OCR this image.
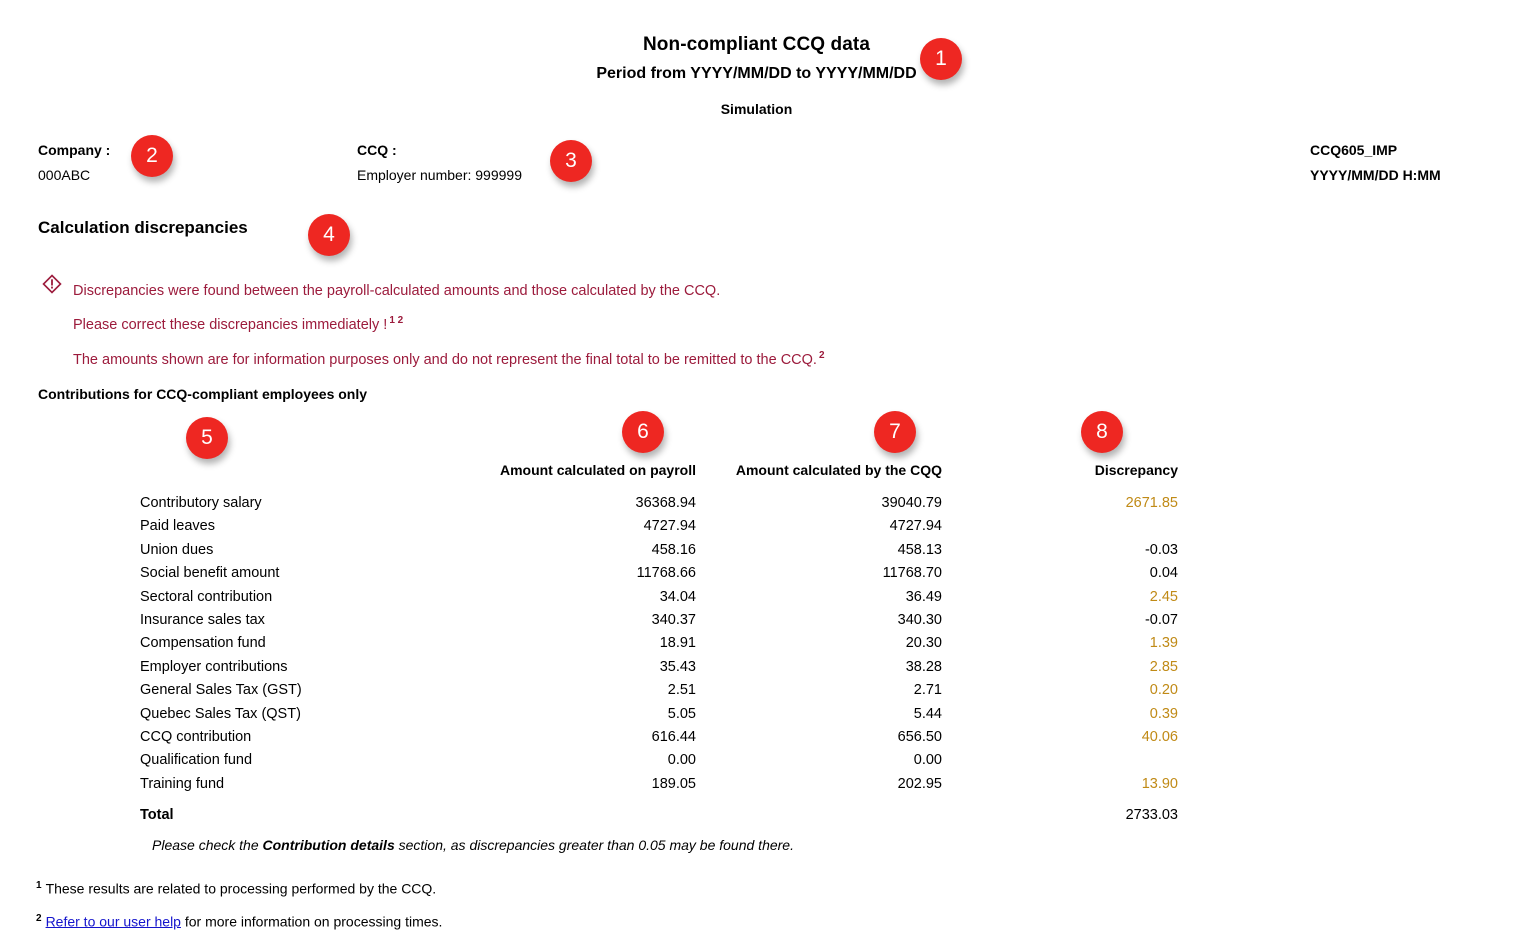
Non-compliant CCQ data
Period from YYYY/MM/DD to YYYY/MM/DD
Simulation
Company :
000ABC
CCQ :
Employer number: 999999
CCQ605_IMP
YYYY/MM/DD H:MM
Calculation discrepancies
Discrepancies were found between the payroll-calculated amounts and those calculated by the CCQ.
Please correct these discrepancies immediately ! $^{1 2}$
The amounts shown are for information purposes only and do not represent the final total to be remitted to the CCQ. $^2$
Contributions for CCQ-compliant employees only
	Amount calculated on payroll	Amount calculated by the CQQ	Discrepancy
Contributory salary	36368.94	39040.79	2671.85
Paid leaves	4727.94	4727.94	
Union dues	458.16	458.13	-0.03
Social benefit amount	11768.66	11768.70	0.04
Sectoral contribution	34.04	36.49	2.45
Insurance sales tax	340.37	340.30	-0.07
Compensation fund	18.91	20.30	1.39
Employer contributions	35.43	38.28	2.85
General Sales Tax (GST)	2.51	2.71	0.20
Quebec Sales Tax (QST)	5.05	5.44	0.39
CCQ contribution	616.44	656.50	40.06
Qualification fund	0.00	0.00	
Training fund	189.05	202.95	13.90
Total			2733.03
Please check the Contribution details section, as discrepancies greater than 0.05 may be found there.
$^1$ These results are related to processing performed by the CCQ.
$^2$ Refer to our user help for more information on processing times.
1
2	3
4
5	6	7	8
